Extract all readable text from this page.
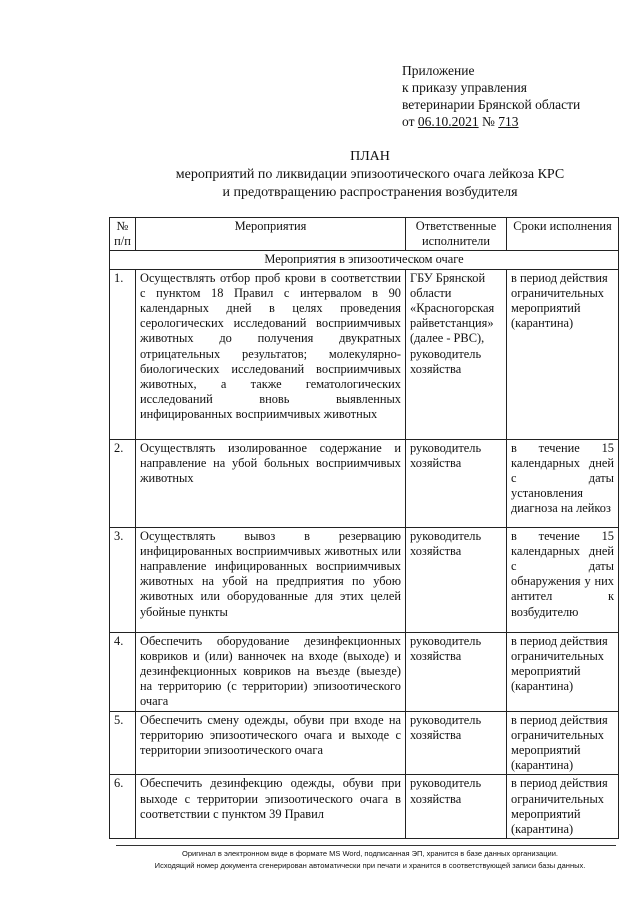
Приложение
к приказу управления
ветеринарии Брянской области
от 06.10.2021 № 713
ПЛАН
мероприятий по ликвидации эпизоотического очага лейкоза КРС
и предотвращению распространения возбудителя
№ п/п	Мероприятия	Ответственные исполнители	Сроки исполнения
Мероприятия в эпизоотическом очаге			
1.	Осуществлять отбор проб крови в соответствии с пунктом 18 Правил с интервалом в 90 календарных дней в целях проведения серологических исследований восприимчивых животных до получения двукратных отрицательных результатов; молекулярно-биологических исследований восприимчивых животных, а также гематологических исследований вновь выявленных инфицированных восприимчивых животных	ГБУ Брянской области «Красногорская райветстанция» (далее - РВС), руководитель хозяйства	в период действия ограничительных мероприятий (карантина)
2.	Осуществлять изолированное содержание и направление на убой больных восприимчивых животных	руководитель хозяйства	в течение 15 календарных дней с даты установления диагноза на лейкоз
3.	Осуществлять вывоз в резервацию инфицированных восприимчивых животных или направление инфицированных восприимчивых животных на убой на предприятия по убою животных или оборудованные для этих целей убойные пункты	руководитель хозяйства	в течение 15 календарных дней с даты обнаружения у них антител к возбудителю
4.	Обеспечить оборудование дезинфекционных ковриков и (или) ванночек на входе (выходе) и дезинфекционных ковриков на въезде (выезде) на территорию (с территории) эпизоотического очага	руководитель хозяйства	в период действия ограничительных мероприятий (карантина)
5.	Обеспечить смену одежды, обуви при входе на территорию эпизоотического очага и выходе с территории эпизоотического очага	руководитель хозяйства	в период действия ограничительных мероприятий (карантина)
6.	Обеспечить дезинфекцию одежды, обуви при выходе с территории эпизоотического очага в соответствии с пунктом 39 Правил	руководитель хозяйства	в период действия ограничительных мероприятий (карантина)
Оригинал в электронном виде в формате MS Word, подписанная ЭП, хранится в базе данных организации.
Исходящий номер документа сгенерирован автоматически при печати и хранится в соответствующей записи базы данных.
